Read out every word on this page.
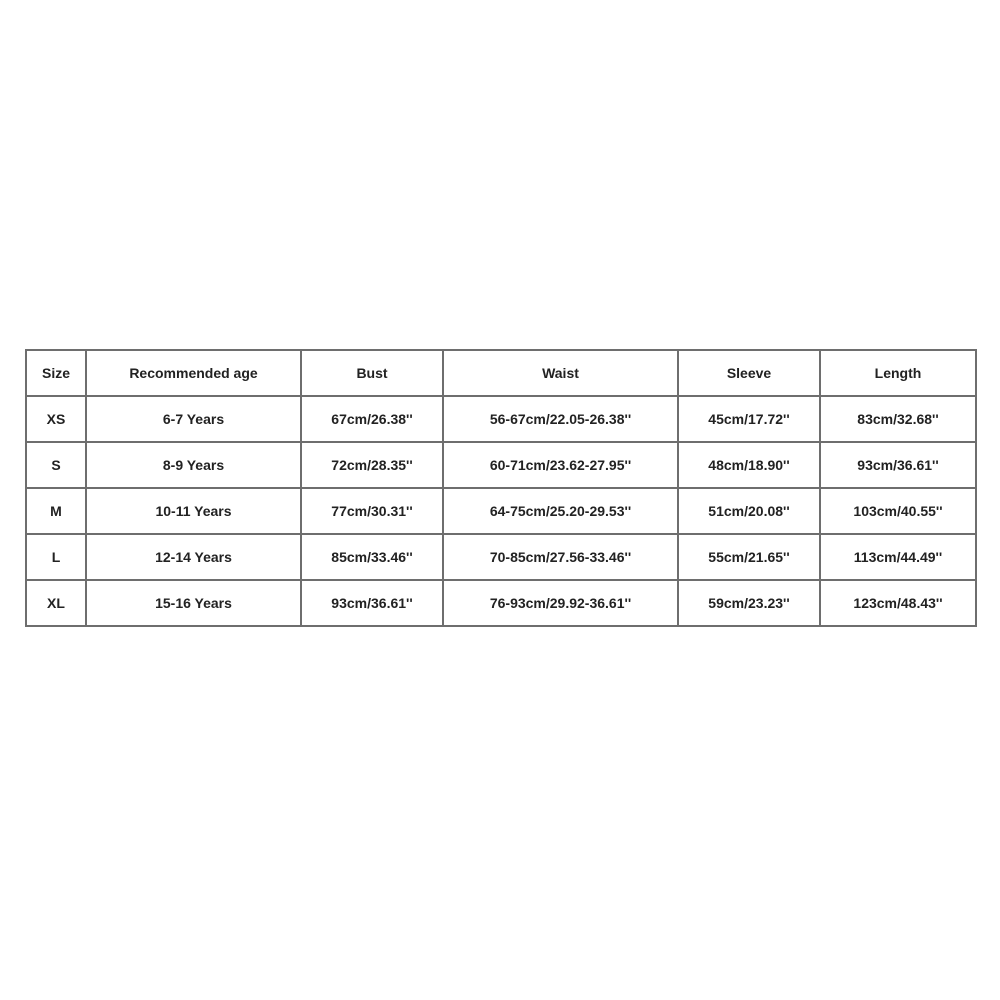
Size	Recommended age	Bust	Waist	Sleeve	Length
XS	6-7 Years	67cm/26.38''	56-67cm/22.05-26.38''	45cm/17.72''	83cm/32.68''
S	8-9 Years	72cm/28.35''	60-71cm/23.62-27.95''	48cm/18.90''	93cm/36.61''
M	10-11 Years	77cm/30.31''	64-75cm/25.20-29.53''	51cm/20.08''	103cm/40.55''
L	12-14 Years	85cm/33.46''	70-85cm/27.56-33.46''	55cm/21.65''	113cm/44.49''
XL	15-16 Years	93cm/36.61''	76-93cm/29.92-36.61''	59cm/23.23''	123cm/48.43''
